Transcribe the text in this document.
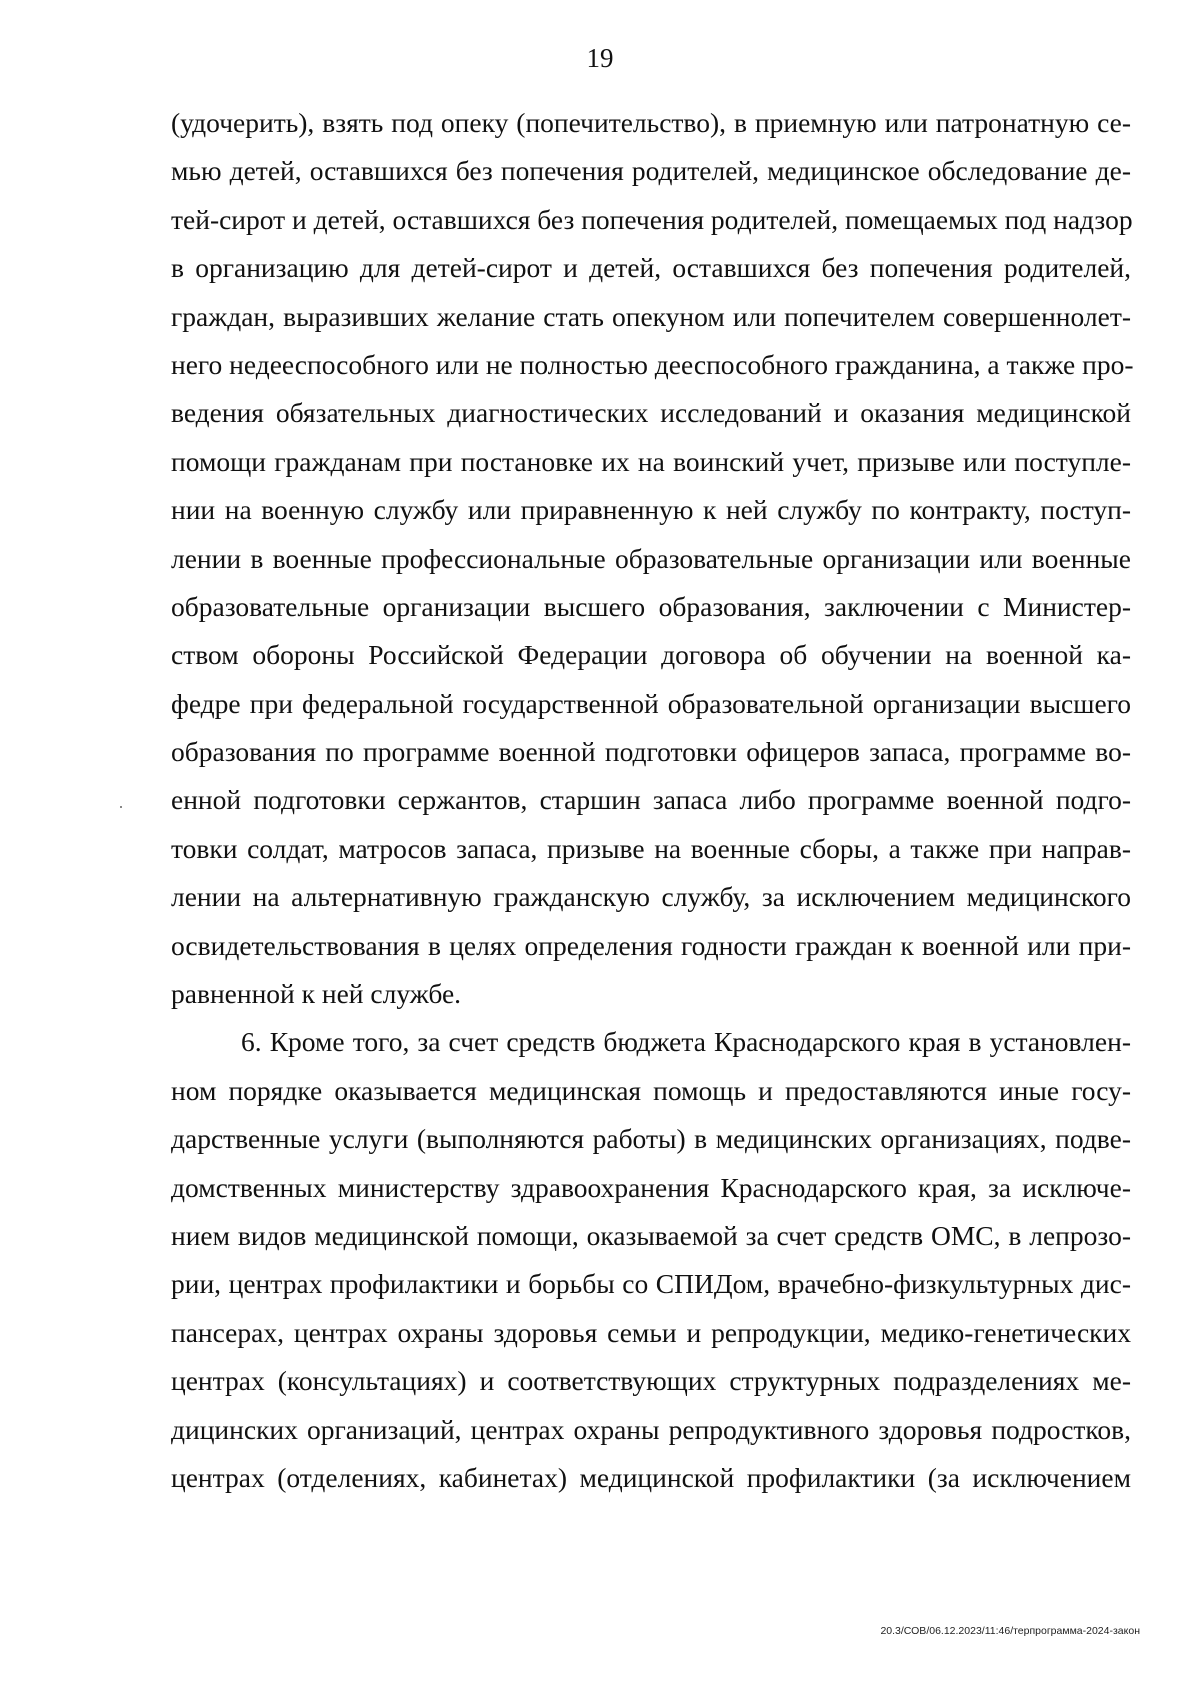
19
(удочерить), взять под опеку (попечительство), в приемную или патронатную се-
мью детей, оставшихся без попечения родителей, медицинское обследование де-
тей-сирот и детей, оставшихся без попечения родителей, помещаемых под надзор
в организацию для детей-сирот и детей, оставшихся без попечения родителей,
граждан, выразивших желание стать опекуном или попечителем совершеннолет-
него недееспособного или не полностью дееспособного гражданина, а также про-
ведения обязательных диагностических исследований и оказания медицинской
помощи гражданам при постановке их на воинский учет, призыве или поступле-
нии на военную службу или приравненную к ней службу по контракту, поступ-
лении в военные профессиональные образовательные организации или военные
образовательные организации высшего образования, заключении с Министер-
ством обороны Российской Федерации договора об обучении на военной ка-
федре при федеральной государственной образовательной организации высшего
образования по программе военной подготовки офицеров запаса, программе во-
енной подготовки сержантов, старшин запаса либо программе военной подго-
товки солдат, матросов запаса, призыве на военные сборы, а также при направ-
лении на альтернативную гражданскую службу, за исключением медицинского
освидетельствования в целях определения годности граждан к военной или при-
равненной к ней службе.
6. Кроме того, за счет средств бюджета Краснодарского края в установлен-
ном порядке оказывается медицинская помощь и предоставляются иные госу-
дарственные услуги (выполняются работы) в медицинских организациях, подве-
домственных министерству здравоохранения Краснодарского края, за исключе-
нием видов медицинской помощи, оказываемой за счет средств ОМС, в лепрозо-
рии, центрах профилактики и борьбы со СПИДом, врачебно-физкультурных дис-
пансерах, центрах охраны здоровья семьи и репродукции, медико-генетических
центрах (консультациях) и соответствующих структурных подразделениях ме-
дицинских организаций, центрах охраны репродуктивного здоровья подростков,
центрах (отделениях, кабинетах) медицинской профилактики (за исключением
20.3/СОВ/06.12.2023/11:46/терпрограмма-2024-закон
